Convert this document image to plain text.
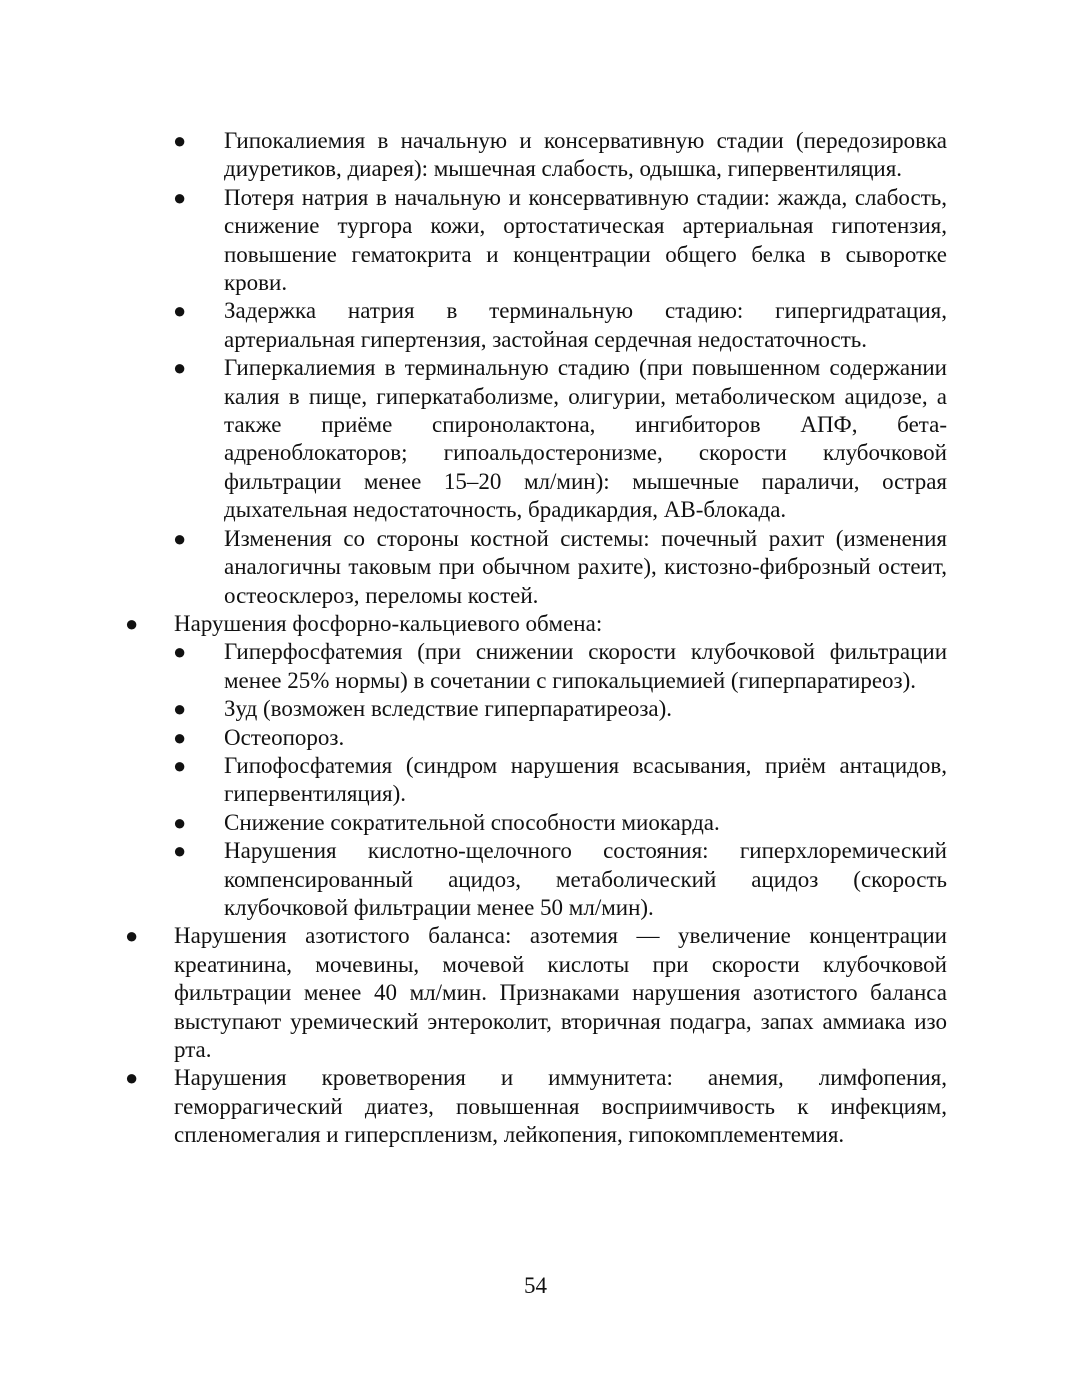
● Гипокалиемия в начальную и консервативную стадии (передозировка диуретиков, диарея): мышечная слабость, одышка, гипервентиляция.
● Потеря натрия в начальную и консервативную стадии: жажда, слабость, снижение тургора кожи, ортостатическая артериальная гипотензия, повышение гематокрита и концентрации общего белка в сыворотке крови.
● Задержка натрия в терминальную стадию: гипергидратация, артериальная гипертензия, застойная сердечная недостаточность.
● Гиперкалиемия в терминальную стадию (при повышенном содержании калия в пище, гиперкатаболизме, олигурии, метаболическом ацидозе, а также приёме спиронолактона, ингибиторов АПФ, бета-адреноблокаторов; гипоальдостеронизме, скорости клубочковой фильтрации менее 15–20 мл/мин): мышечные параличи, острая дыхательная недостаточность, брадикардия, АВ-блокада.
● Изменения со стороны костной системы: почечный рахит (изменения аналогичны таковым при обычном рахите), кистозно-фиброзный остеит, остеосклероз, переломы костей.
● Нарушения фосфорно-кальциевого обмена:
● Гиперфосфатемия (при снижении скорости клубочковой фильтрации менее 25% нормы) в сочетании с гипокальциемией (гиперпаратиреоз).
● Зуд (возможен вследствие гиперпаратиреоза).
● Остеопороз.
● Гипофосфатемия (синдром нарушения всасывания, приём антацидов, гипервентиляция).
● Снижение сократительной способности миокарда.
● Нарушения кислотно-щелочного состояния: гиперхлоремический компенсированный ацидоз, метаболический ацидоз (скорость клубочковой фильтрации менее 50 мл/мин).
● Нарушения азотистого баланса: азотемия — увеличение концентрации креатинина, мочевины, мочевой кислоты при скорости клубочковой фильтрации менее 40 мл/мин. Признаками нарушения азотистого баланса выступают уремический энтероколит, вторичная подагра, запах аммиака изо рта.
● Нарушения кроветворения и иммунитета: анемия, лимфопения, геморрагический диатез, повышенная восприимчивость к инфекциям, спленомегалия и гиперспленизм, лейкопения, гипокомплементемия.
54
